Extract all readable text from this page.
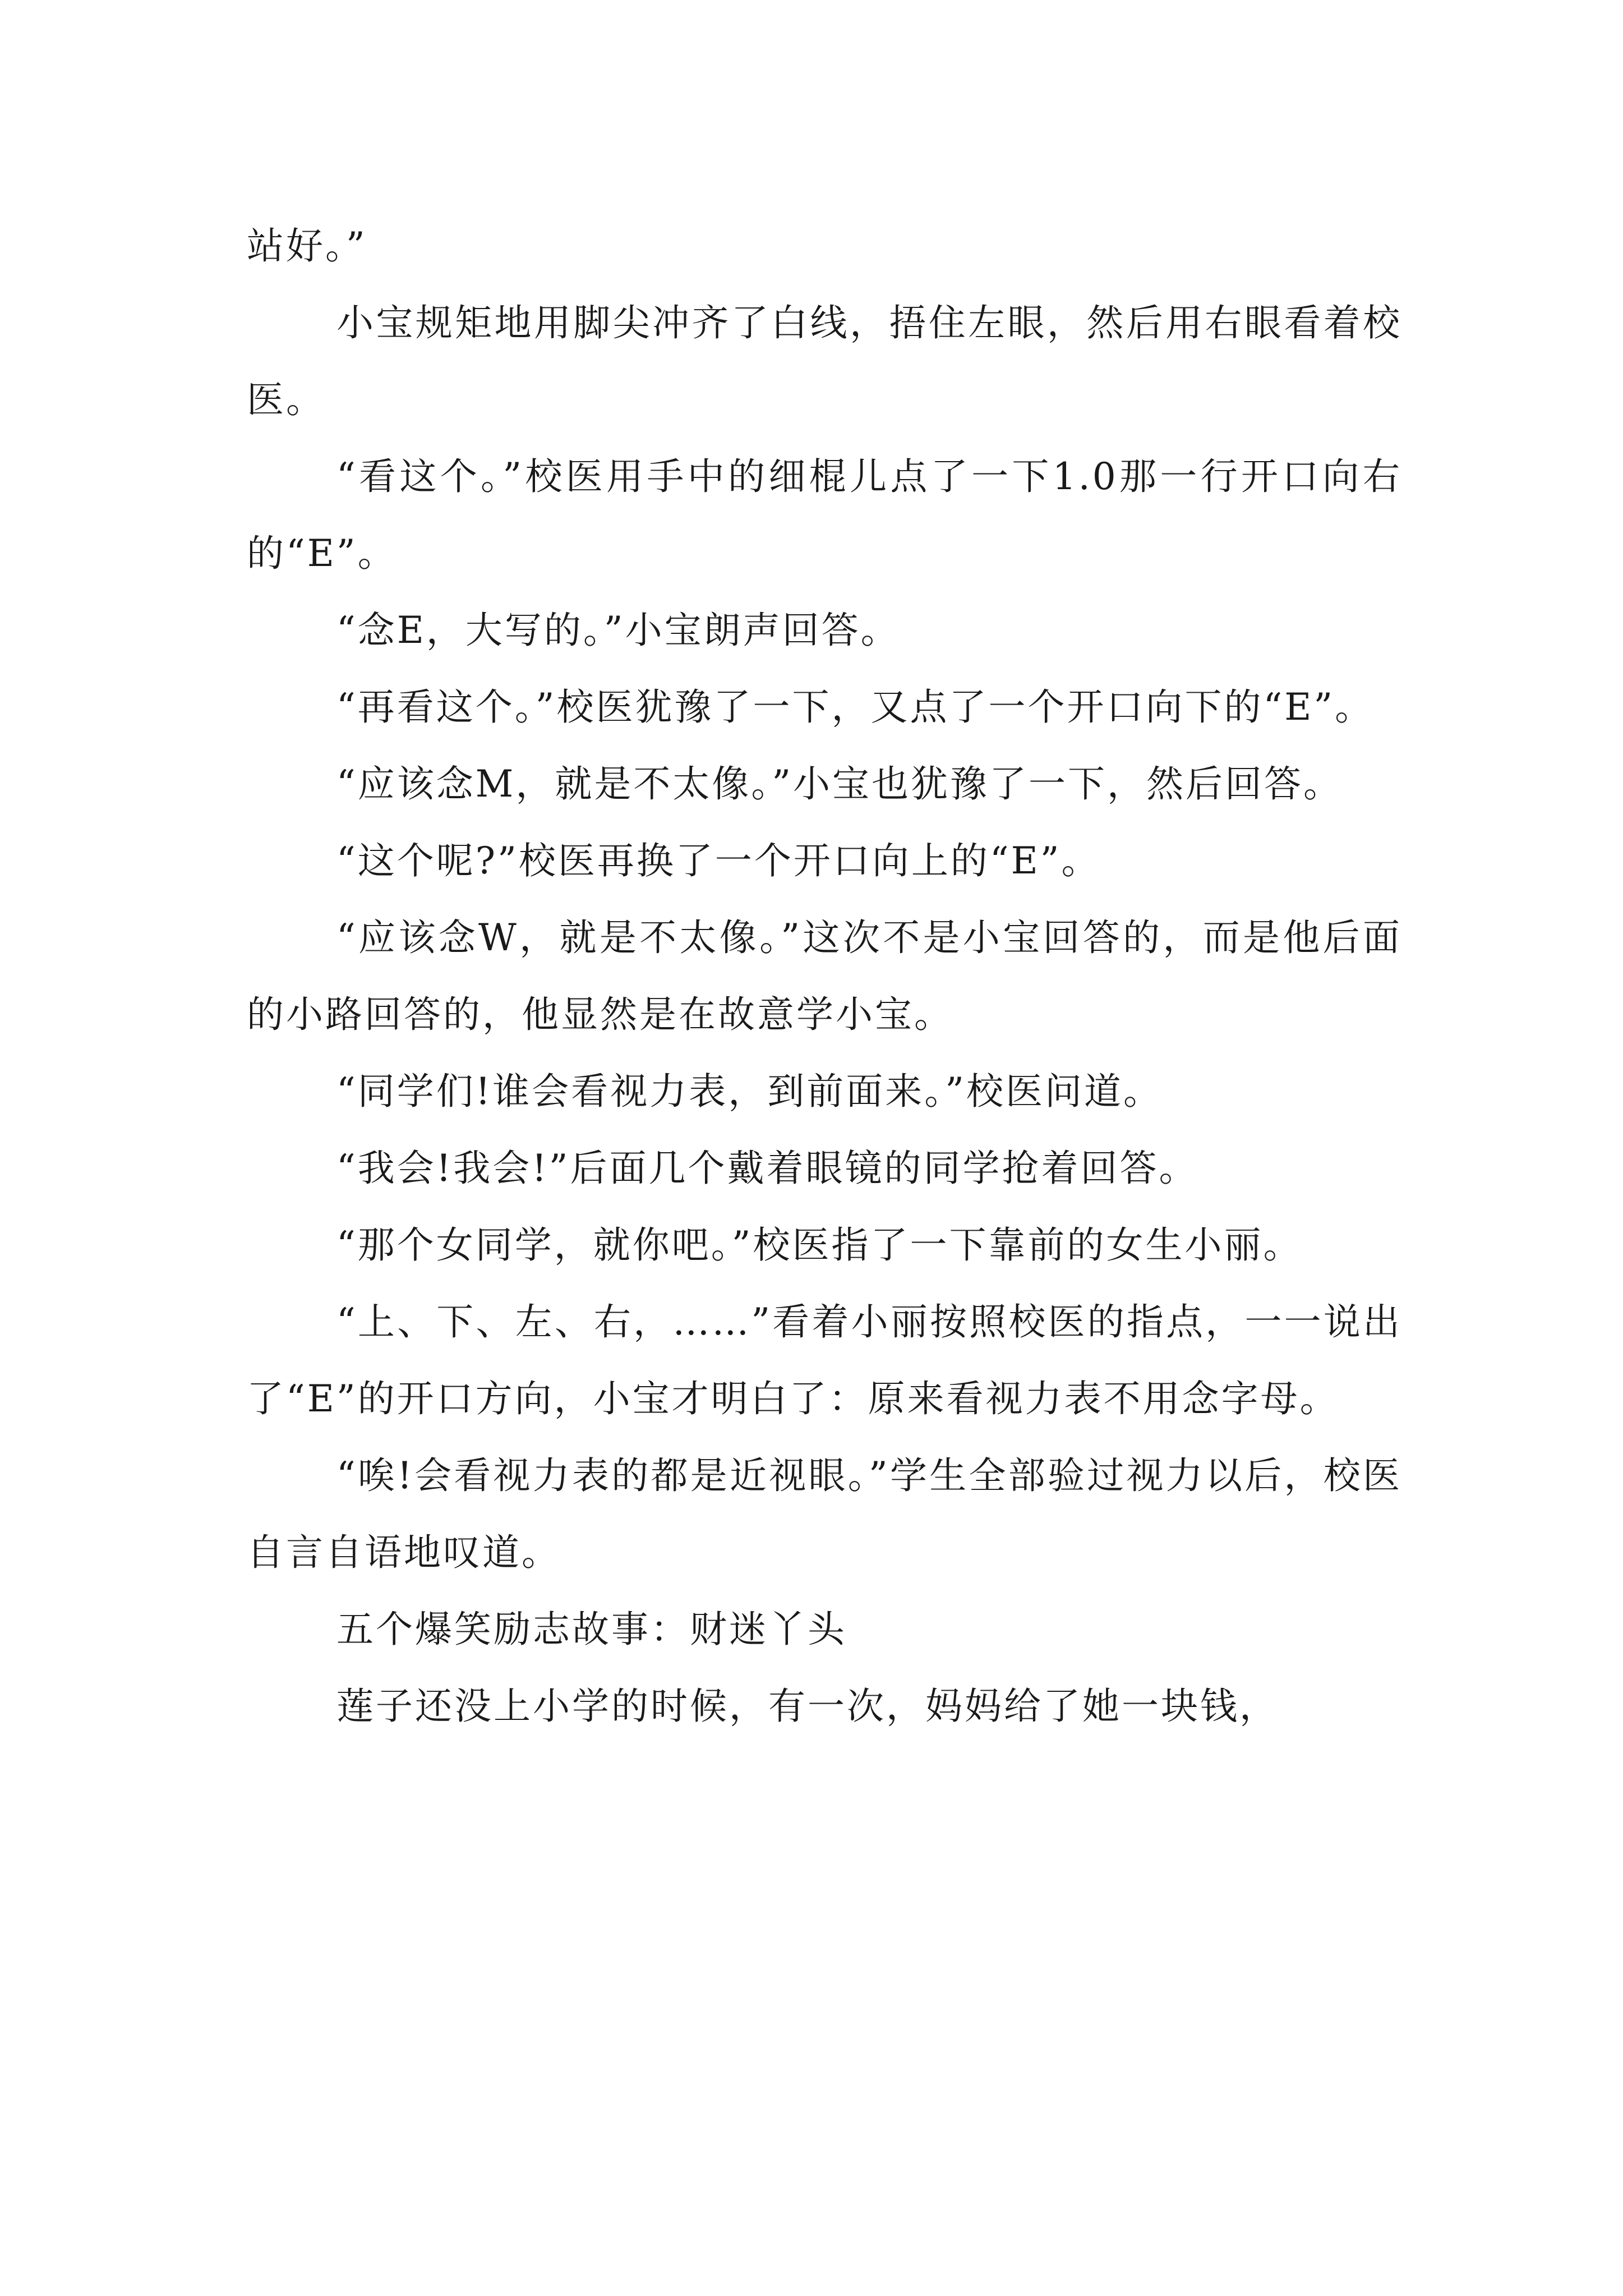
站好。”

小宝规矩地用脚尖冲齐了白线，捂住左眼，然后用右眼看着校医。

“看这个。”校医用手中的细棍儿点了一下1.0那一行开口向右的“E”。

“念E，大写的。”小宝朗声回答。

“再看这个。”校医犹豫了一下，又点了一个开口向下的“E”。

“应该念M，就是不太像。”小宝也犹豫了一下，然后回答。

“这个呢?”校医再换了一个开口向上的“E”。

“应该念W，就是不太像。”这次不是小宝回答的，而是他后面的小路回答的，他显然是在故意学小宝。

“同学们!谁会看视力表，到前面来。”校医问道。

“我会!我会!”后面几个戴着眼镜的同学抢着回答。

“那个女同学，就你吧。”校医指了一下靠前的女生小丽。

“上、下、左、右，……”看着小丽按照校医的指点，一一说出了“E”的开口方向，小宝才明白了：原来看视力表不用念字母。

“唉!会看视力表的都是近视眼。”学生全部验过视力以后，校医自言自语地叹道。

五个爆笑励志故事：财迷丫头

莲子还没上小学的时候，有一次，妈妈给了她一块钱，
